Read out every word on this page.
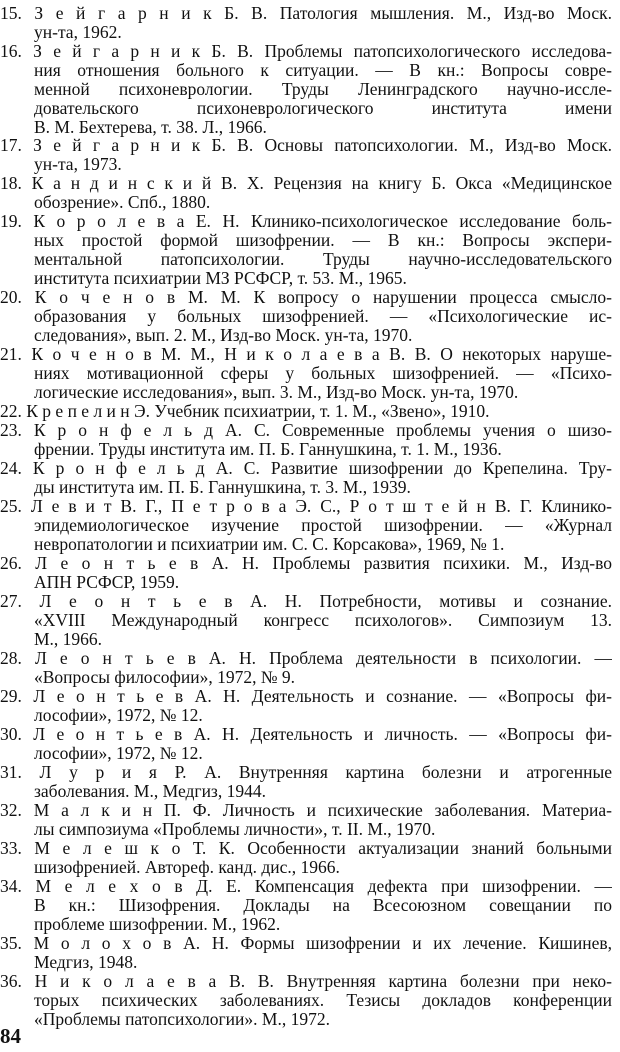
15. З е й г а р н и к Б. В. Патология мышления. М., Изд-во Моск.
ун-та, 1962.
16. З е й г а р н и к Б. В. Проблемы патопсихологического исследова-
ния отношения больного к ситуации. — В кн.: Вопросы совре-
менной психоневрологии. Труды Ленинградского научно-иссле-
довательского психоневрологического института имени
В. М. Бехтерева, т. 38. Л., 1966.
17. З е й г а р н и к Б. В. Основы патопсихологии. М., Изд-во Моск.
ун-та, 1973.
18. К а н д и н с к и й В. Х. Рецензия на книгу Б. Окса «Медицинское
обозрение». Спб., 1880.
19. К о р о л е в а Е. Н. Клинико-психологическое исследование боль-
ных простой формой шизофрении. — В кн.: Вопросы экспери-
ментальной патопсихологии. Труды научно-исследовательского
института психиатрии МЗ РСФСР, т. 53. М., 1965.
20. К о ч е н о в М. М. К вопросу о нарушении процесса смысло-
образования у больных шизофренией. — «Психологические ис-
следования», вып. 2. М., Изд-во Моск. ун-та, 1970.
21. К о ч е н о в М. М., Н и к о л а е в а В. В. О некоторых наруше-
ниях мотивационной сферы у больных шизофренией. — «Психо-
логические исследования», вып. 3. М., Изд-во Моск. ун-та, 1970.
22. К р е п е л и н Э. Учебник психиатрии, т. 1. М., «Звено», 1910.
23. К р о н ф е л ь д А. С. Современные проблемы учения о шизо-
френии. Труды института им. П. Б. Ганнушкина, т. 1. М., 1936.
24. К р о н ф е л ь д А. С. Развитие шизофрении до Крепелина. Тру-
ды института им. П. Б. Ганнушкина, т. 3. М., 1939.
25. Л е в и т В. Г., П е т р о в а Э. С., Р о т ш т е й н В. Г. Клинико-
эпидемиологическое изучение простой шизофрении. — «Журнал
невропатологии и психиатрии им. С. С. Корсакова», 1969, № 1.
26. Л е о н т ь е в А. Н. Проблемы развития психики. М., Изд-во
АПН РСФСР, 1959.
27. Л е о н т ь е в А. Н. Потребности, мотивы и сознание.
«XVIII Международный конгресс психологов». Симпозиум 13.
М., 1966.
28. Л е о н т ь е в А. Н. Проблема деятельности в психологии. —
«Вопросы философии», 1972, № 9.
29. Л е о н т ь е в А. Н. Деятельность и сознание. — «Вопросы фи-
лософии», 1972, № 12.
30. Л е о н т ь е в А. Н. Деятельность и личность. — «Вопросы фи-
лософии», 1972, № 12.
31. Л у р и я Р. А. Внутренняя картина болезни и атрогенные
заболевания. М., Медгиз, 1944.
32. М а л к и н П. Ф. Личность и психические заболевания. Материа-
лы симпозиума «Проблемы личности», т. II. М., 1970.
33. М е л е ш к о Т. К. Особенности актуализации знаний больными
шизофренией. Автореф. канд. дис., 1966.
34. М е л е х о в Д. Е. Компенсация дефекта при шизофрении. —
В кн.: Шизофрения. Доклады на Всесоюзном совещании по
проблеме шизофрении. М., 1962.
35. М о л о х о в А. Н. Формы шизофрении и их лечение. Кишинев,
Медгиз, 1948.
36. Н и к о л а е в а В. В. Внутренняя картина болезни при неко-
торых психических заболеваниях. Тезисы докладов конференции
«Проблемы патопсихологии». М., 1972.
84
